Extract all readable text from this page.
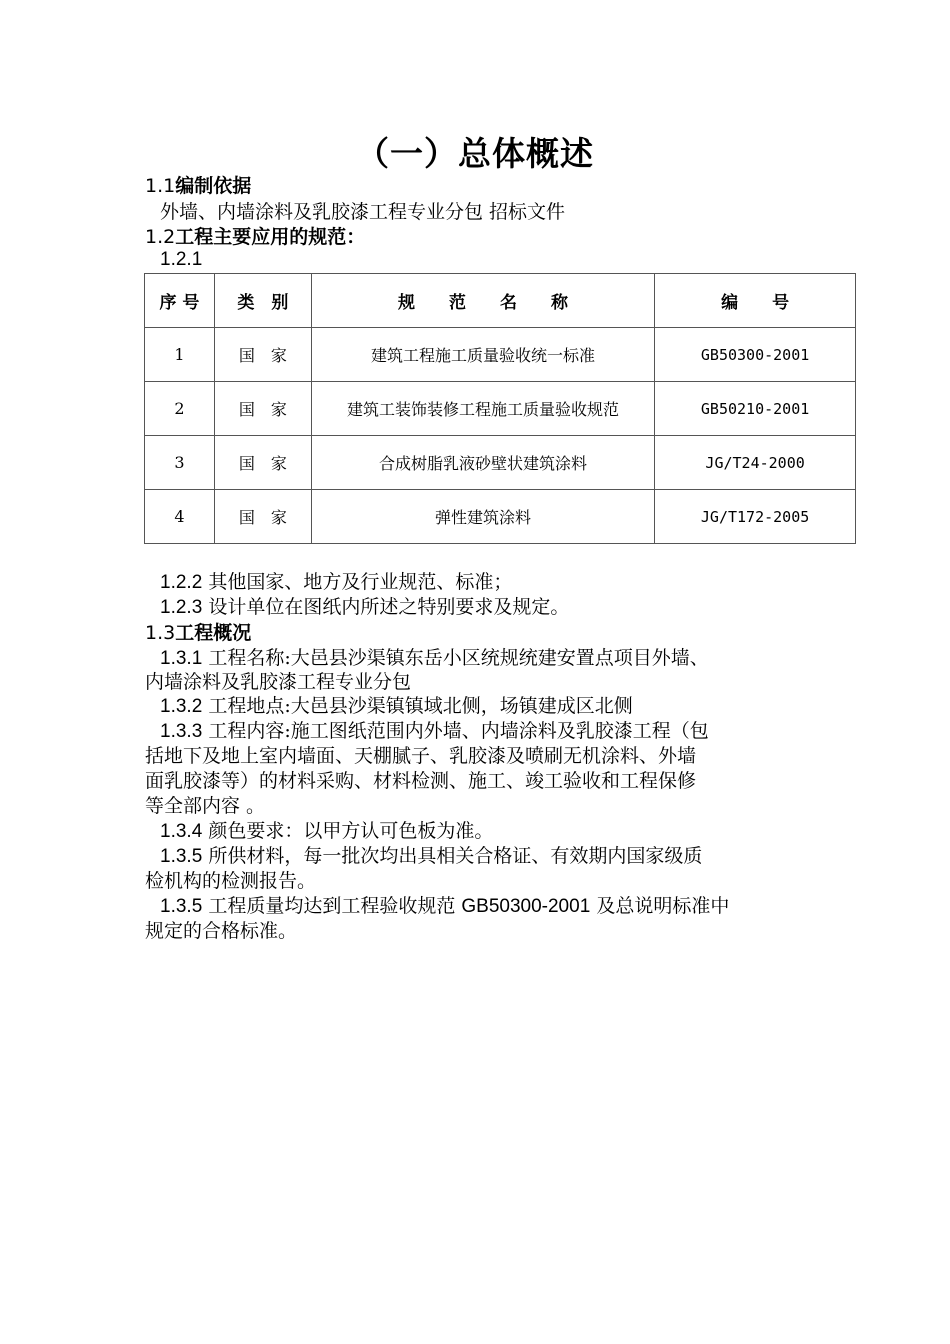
（一）总体概述
1.1编制依据
外墙、内墙涂料及乳胶漆工程专业分包 招标文件
1.2工程主要应用的规范：
1.2.1
序 号	类　别	规　　范　　名　　称	编　　号
1	国　家	建筑工程施工质量验收统一标准	GB50300-2001
2	国　家	建筑工装饰装修工程施工质量验收规范	GB50210-2001
3	国　家	合成树脂乳液砂壁状建筑涂料	JG/T24-2000
4	国　家	弹性建筑涂料	JG/T172-2005
1.2.2 其他国家、地方及行业规范、标准；
1.2.3 设计单位在图纸内所述之特别要求及规定。
1.3工程概况
1.3.1 工程名称:大邑县沙渠镇东岳小区统规统建安置点项目外墙、
内墙涂料及乳胶漆工程专业分包
1.3.2 工程地点:大邑县沙渠镇镇域北侧，场镇建成区北侧
1.3.3 工程内容:施工图纸范围内外墙、内墙涂料及乳胶漆工程（包
括地下及地上室内墙面、天棚腻子、乳胶漆及喷刷无机涂料、外墙
面乳胶漆等）的材料采购、材料检测、施工、竣工验收和工程保修
等全部内容 。
1.3.4 颜色要求：以甲方认可色板为准。
1.3.5 所供材料，每一批次均出具相关合格证、有效期内国家级质
检机构的检测报告。
1.3.5 工程质量均达到工程验收规范 GB50300-2001 及总说明标准中
规定的合格标准。
